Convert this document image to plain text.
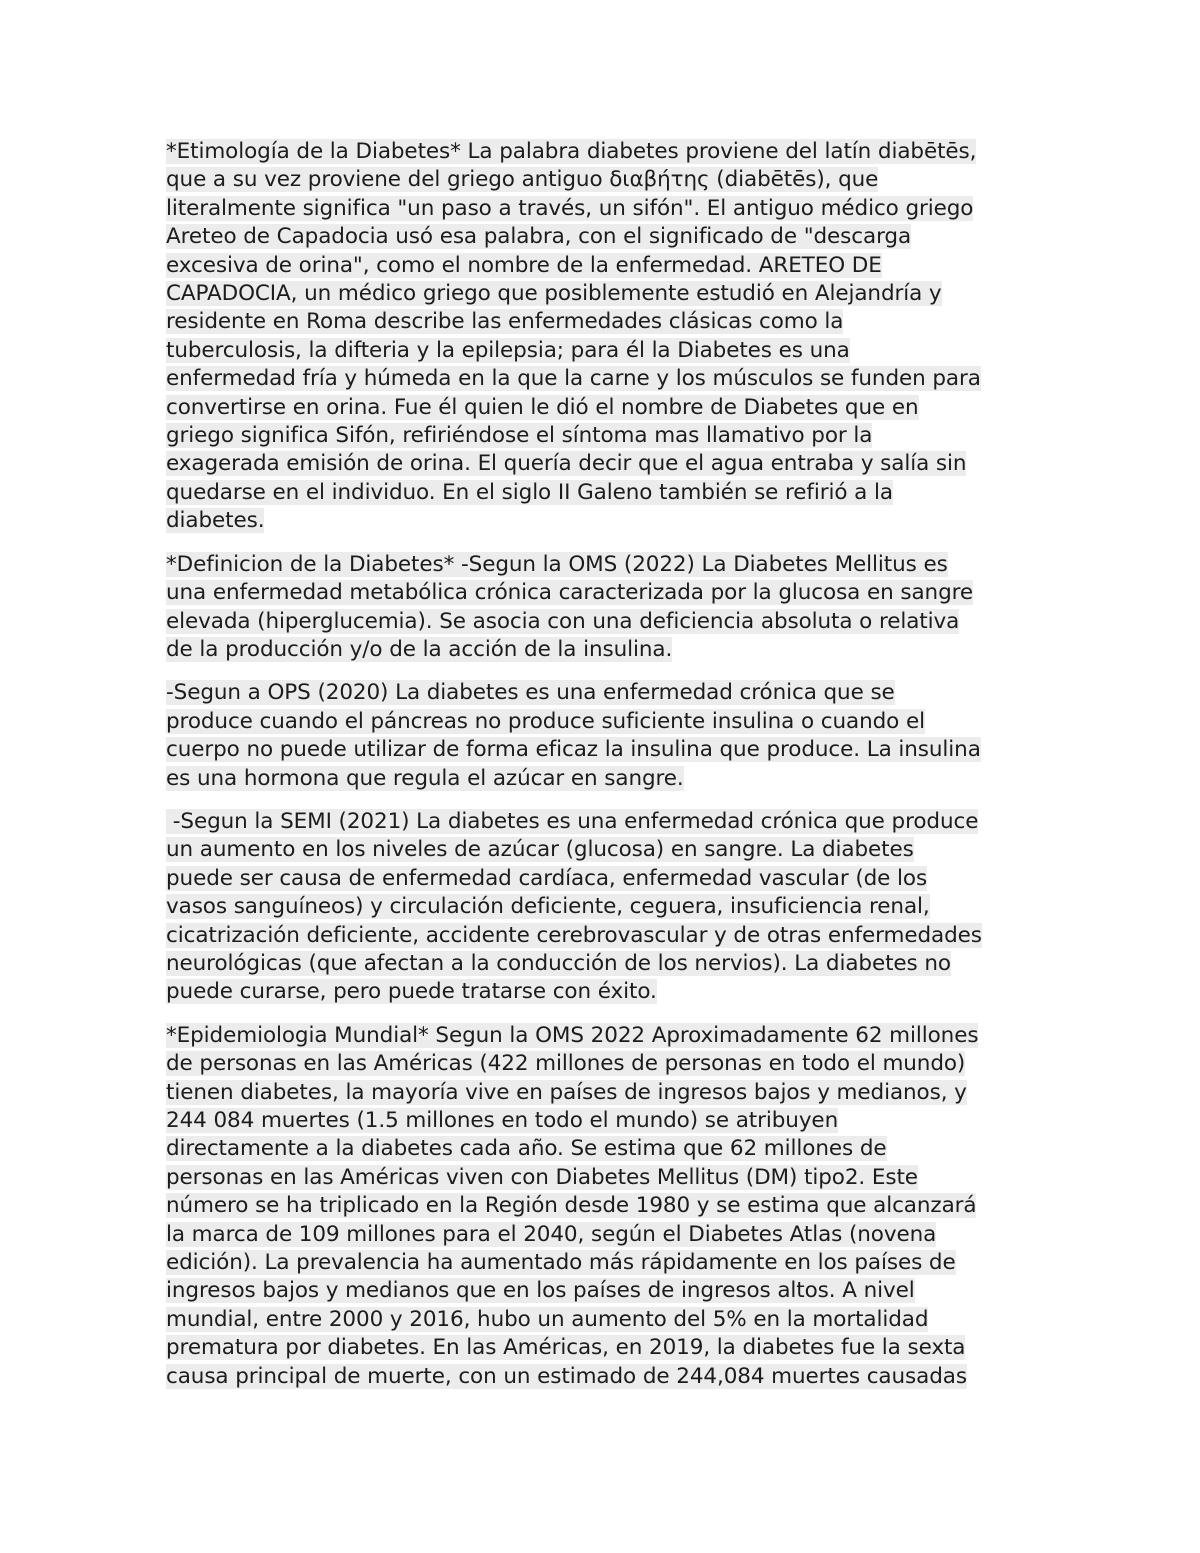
*Etimología de la Diabetes* La palabra diabetes proviene del latín diabētēs,que a su vez proviene del griego antiguo διαβήτης (diabētēs), queliteralmente significa "un paso a través, un sifón". El antiguo médico griegoAreteo de Capadocia usó esa palabra, con el significado de "descargaexcesiva de orina", como el nombre de la enfermedad. ARETEO DECAPADOCIA, un médico griego que posiblemente estudió en Alejandría yresidente en Roma describe las enfermedades clásicas como latuberculosis, la difteria y la epilepsia; para él la Diabetes es unaenfermedad fría y húmeda en la que la carne y los músculos se funden paraconvertirse en orina. Fue él quien le dió el nombre de Diabetes que engriego significa Sifón, refiriéndose el síntoma mas llamativo por laexagerada emisión de orina. El quería decir que el agua entraba y salía sinquedarse en el individuo. En el siglo II Galeno también se refirió a ladiabetes.

*Definicion de la Diabetes* -Segun la OMS (2022) La Diabetes Mellitus esuna enfermedad metabólica crónica caracterizada por la glucosa en sangreelevada (hiperglucemia). Se asocia con una deficiencia absoluta o relativade la producción y/o de la acción de la insulina.

-Segun a OPS (2020) La diabetes es una enfermedad crónica que seproduce cuando el páncreas no produce suficiente insulina o cuando elcuerpo no puede utilizar de forma eficaz la insulina que produce. La insulinaes una hormona que regula el azúcar en sangre.

-Segun la SEMI (2021) La diabetes es una enfermedad crónica que produceun aumento en los niveles de azúcar (glucosa) en sangre. La diabetespuede ser causa de enfermedad cardíaca, enfermedad vascular (de losvasos sanguíneos) y circulación deficiente, ceguera, insuficiencia renal,cicatrización deficiente, accidente cerebrovascular y de otras enfermedadesneurológicas (que afectan a la conducción de los nervios). La diabetes nopuede curarse, pero puede tratarse con éxito.

*Epidemiologia Mundial* Segun la OMS 2022 Aproximadamente 62 millonesde personas en las Américas (422 millones de personas en todo el mundo)tienen diabetes, la mayoría vive en países de ingresos bajos y medianos, y244 084 muertes (1.5 millones en todo el mundo) se atribuyendirectamente a la diabetes cada año. Se estima que 62 millones depersonas en las Américas viven con Diabetes Mellitus (DM) tipo2. Estenúmero se ha triplicado en la Región desde 1980 y se estima que alcanzarála marca de 109 millones para el 2040, según el Diabetes Atlas (novenaedición). La prevalencia ha aumentado más rápidamente en los países deingresos bajos y medianos que en los países de ingresos altos. A nivelmundial, entre 2000 y 2016, hubo un aumento del 5% en la mortalidadprematura por diabetes. En las Américas, en 2019, la diabetes fue la sextacausa principal de muerte, con un estimado de 244,084 muertes causadas
